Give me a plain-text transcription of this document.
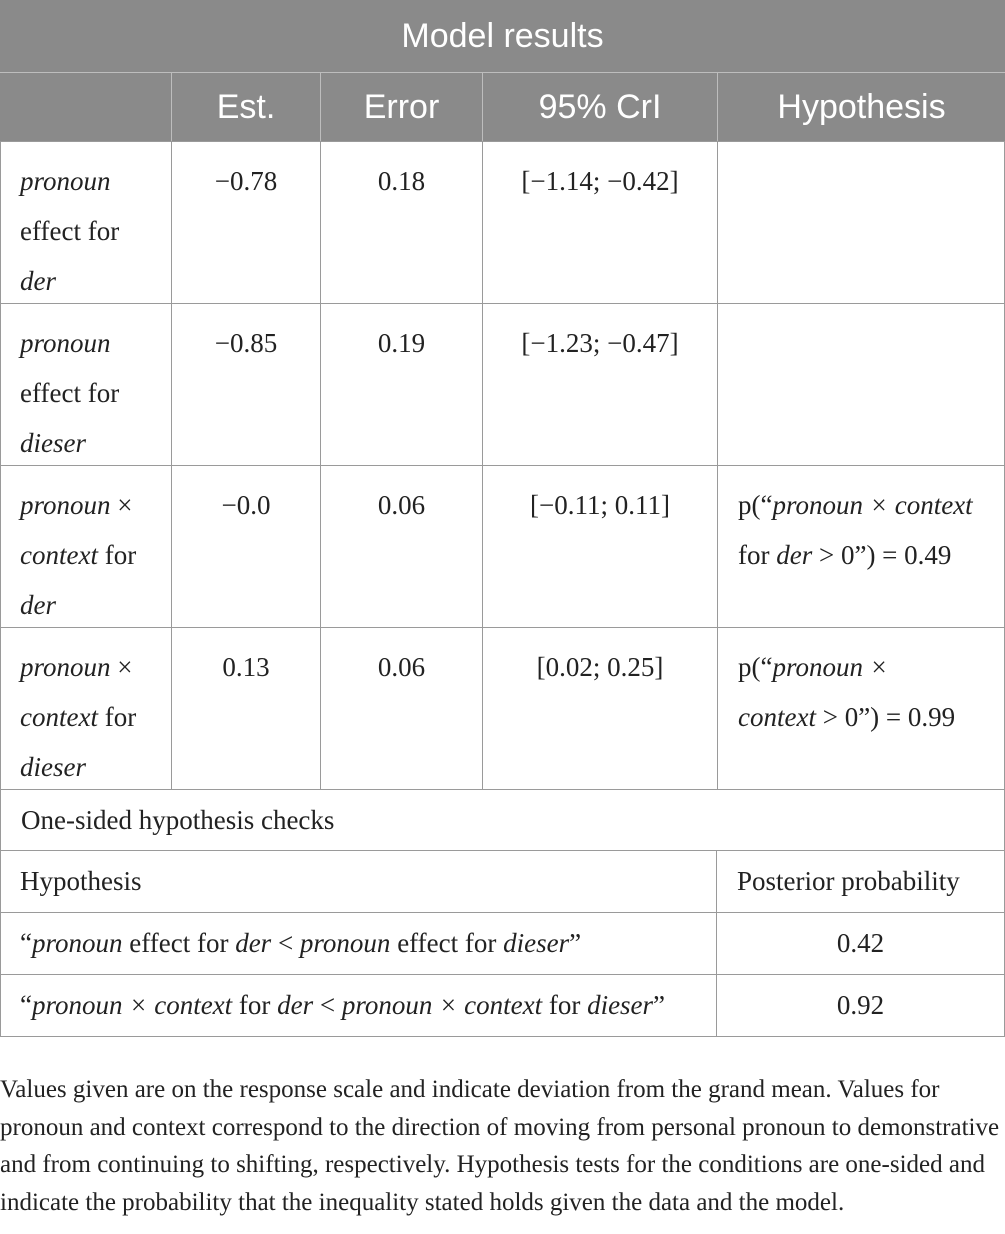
Model results
Est.	Error	95% CrI	Hypothesis
pronoun
effect for
der
−0.78	0.18	[−1.14; −0.42]
pronoun
effect for
dieser
−0.85	0.19	[−1.23; −0.47]
pronoun ×
context for
der
−0.0	0.06	[−0.11; 0.11]	p(“pronoun × context
for der > 0”) = 0.49
pronoun ×
context for
dieser
0.13	0.06	[0.02; 0.25]	p(“pronoun ×
context > 0”) = 0.99
One-sided hypothesis checks
Hypothesis	Posterior probability
“ pronoun effect for der < pronoun effect for dieser ”	0.42
“ pronoun × context for der < pronoun × context for dieser ”	0.92

Values given are on the response scale and indicate deviation from the grand mean. Values for pronoun and context correspond to the direction of moving from personal pronoun to demonstrative and from continuing to shifting, respectively. Hypothesis tests for the conditions are one-sided and indicate the probability that the inequality stated holds given the data and the model.
